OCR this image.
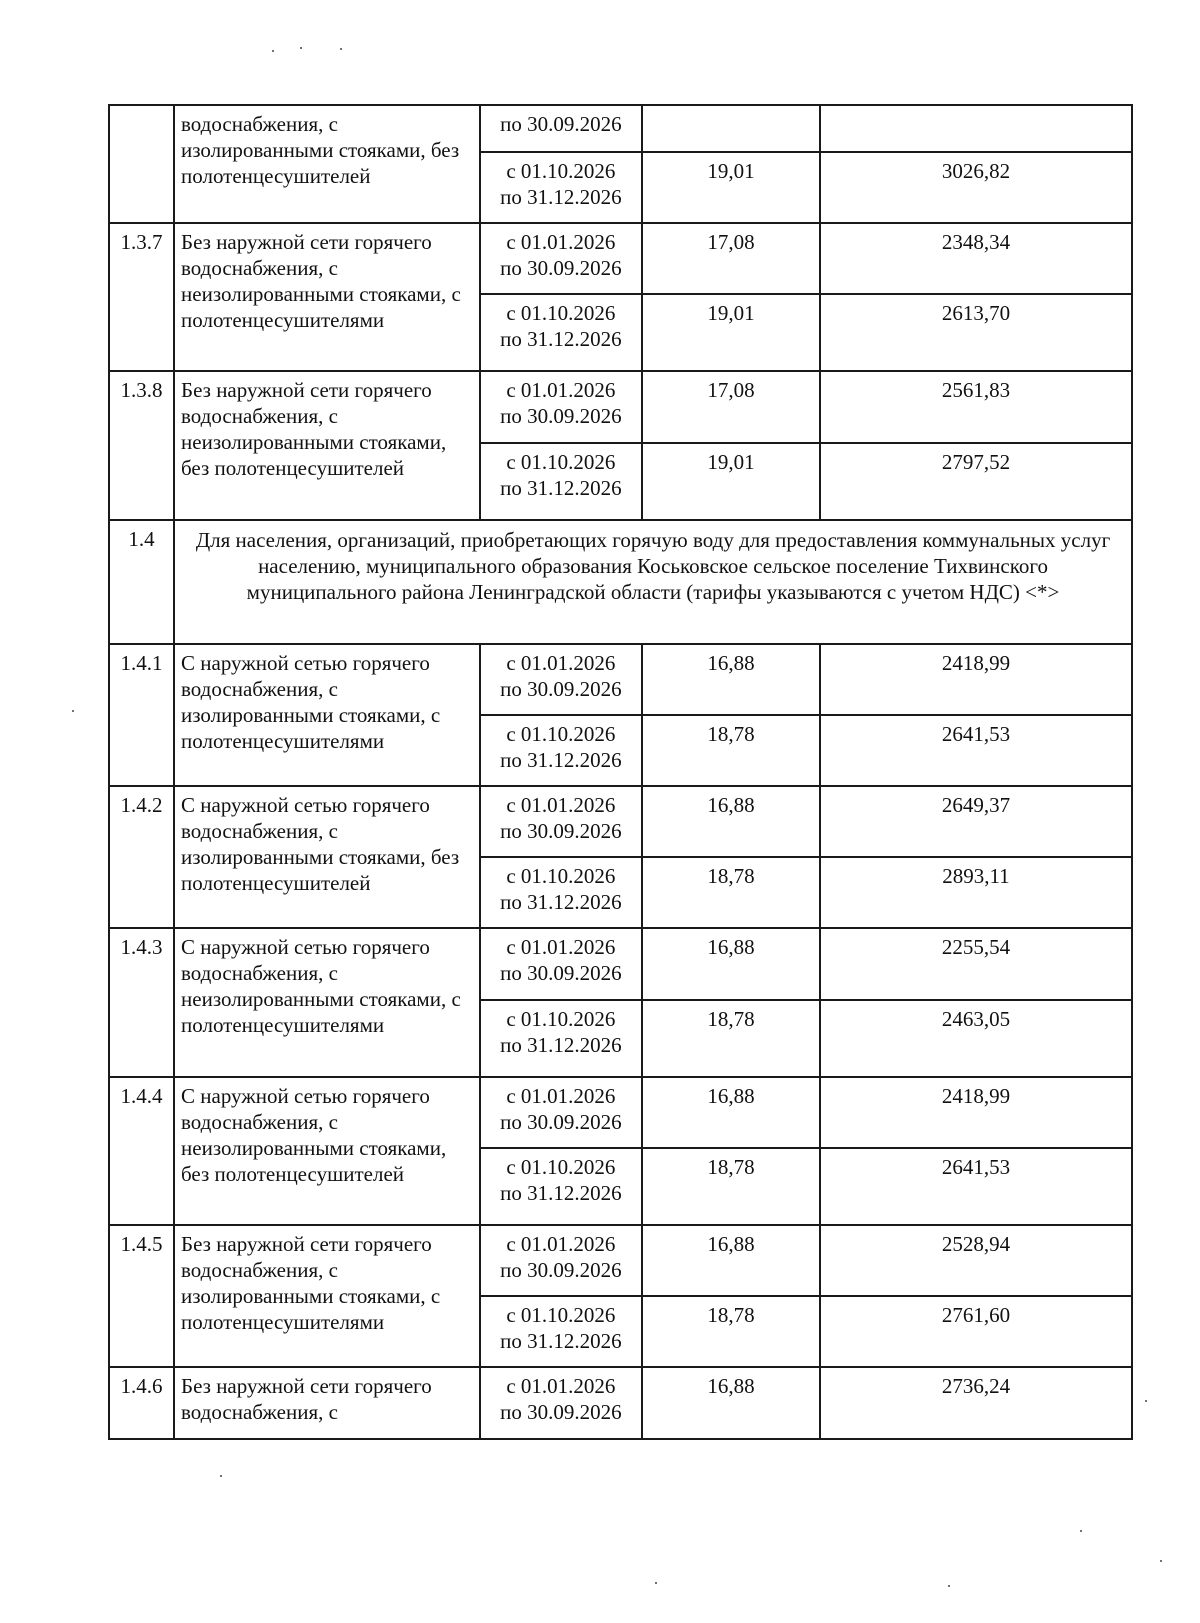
	водоснабжения, с изолированными стояками, без полотенцесушителей	по 30.09.2026		

		с 01.10.2026
по 31.12.2026	19,01	3026,82
1.3.7	Без наружной сети горячего водоснабжения, с неизолированными стояками, с полотенцесушителями	с 01.01.2026
по 30.09.2026	17,08	2348,34

		с 01.10.2026
по 31.12.2026	19,01	2613,70
1.3.8	Без наружной сети горячего водоснабжения, с неизолированными стояками, без полотенцесушителей	с 01.01.2026
по 30.09.2026	17,08	2561,83

		с 01.10.2026
по 31.12.2026	19,01	2797,52
1.4	Для населения, организаций, приобретающих горячую воду для предоставления коммунальных услуг населению, муниципального образования Коськовское сельское поселение Тихвинского муниципального района Ленинградской области (тарифы указываются с учетом НДС) <*>			
1.4.1	С наружной сетью горячего водоснабжения, с изолированными стояками, с полотенцесушителями	с 01.01.2026
по 30.09.2026	16,88	2418,99

		с 01.10.2026
по 31.12.2026	18,78	2641,53
1.4.2	С наружной сетью горячего водоснабжения, с изолированными стояками, без полотенцесушителей	с 01.01.2026
по 30.09.2026	16,88	2649,37

		с 01.10.2026
по 31.12.2026	18,78	2893,11
1.4.3	С наружной сетью горячего водоснабжения, с неизолированными стояками, с полотенцесушителями	с 01.01.2026
по 30.09.2026	16,88	2255,54

		с 01.10.2026
по 31.12.2026	18,78	2463,05
1.4.4	С наружной сетью горячего водоснабжения, с неизолированными стояками, без полотенцесушителей	с 01.01.2026
по 30.09.2026	16,88	2418,99

		с 01.10.2026
по 31.12.2026	18,78	2641,53
1.4.5	Без наружной сети горячего водоснабжения, с изолированными стояками, с полотенцесушителями	с 01.01.2026
по 30.09.2026	16,88	2528,94

		с 01.10.2026
по 31.12.2026	18,78	2761,60
1.4.6	Без наружной сети горячего водоснабжения, с	с 01.01.2026
по 30.09.2026	16,88	2736,24
